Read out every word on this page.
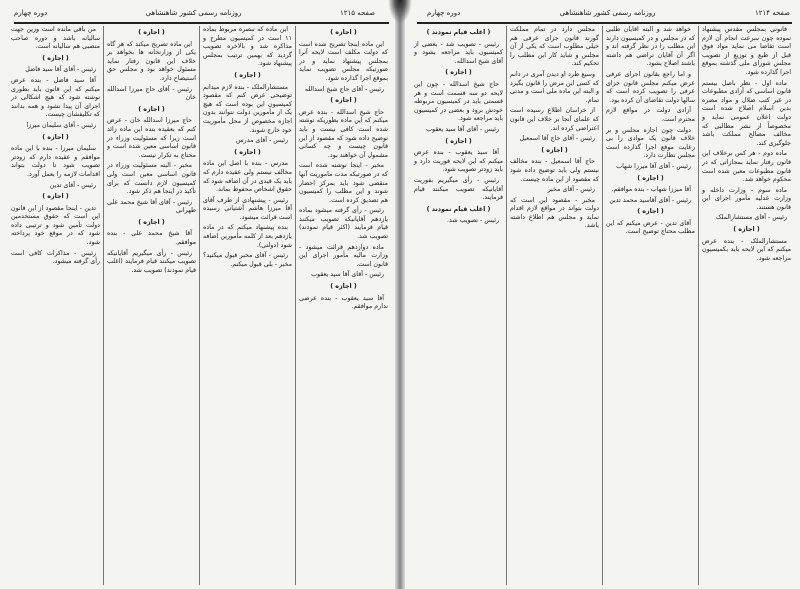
صفحه ۱۲۱۵
روزنامه رسمی کشور شاهنشاهی
دوره چهارم

( اجازه )

این ماده اینجا تصریح شده است که دولت مکلف است لایحه آنرا بمجلس پیشنهاد نماید و در صورتیکه مجلس تصویب نماید بموقع اجرا گذارده شود.

رئیس - آقای حاج شیخ اسدالله

( اجازه )

حاج شیخ اسدالله - بنده عرض میکنم که این ماده بطوریکه نوشته شده است کافی نیست و باید توضیح داده شود که مقصود از این قانون چیست و چه کسانی مشمول آن خواهند بود.

مخبر - اینجا نوشته شده است که در صورتیکه مدت ماموریت آنها منقضی شود باید بمرکز احضار شوند و این مطلب را کمیسیون هم تصدیق کرده است.

رئیس - رأی گرفته میشود بماده یازدهم آقایانیکه تصویب میکنند قیام فرمایند (اکثر قیام نمودند) تصویب شد.

ماده دوازدهم قرائت میشود - وزارت مالیه مأمور اجرای این قانون است.

رئیس - آقای آقا سید یعقوب

( اجازه )

آقا سید یعقوب - بنده عرضی ندارم موافقم.

این ماده که تبصره مربوط بماده ۱۱ است در کمیسیون مطرح و مذاکره شد و بالاخره تصویب گردید که بهمین ترتیب بمجلس پیشنهاد شود.

( اجازه )

مستشارالملک - بنده لازم میدانم توضیحی عرض کنم که مقصود کمیسیون این بوده است که هیچ یک از مأمورین دولت نتوانند بدون اجازه مخصوص از محل مأموریت خود خارج شوند.

رئیس - آقای مدرس

( اجازه )

مدرس - بنده با اصل این ماده مخالف نیستم ولی عقیده دارم که باید یک قیدی در آن اضافه شود که حقوق اشخاص محفوظ بماند.

رئیس - پیشنهادی از طرف آقای آقا میرزا هاشم آشتیانی رسیده است قرائت میشود.

بنده پیشنهاد میکنم که در ماده یازدهم بعد از کلمه مأمورین اضافه شود (دولتی).

رئیس - آقای مخبر قبول میکنید؟ مخبر - بلی قبول میکنم.

( اجازه )

این ماده تصریح میکند که هر گاه یکی از وزارتخانه ها بخواهد بر خلاف این قانون رفتار نماید مسئول خواهد بود و مجلس حق استیضاح دارد.

رئیس - آقای حاج میرزا اسدالله خان

( اجازه )

حاج میرزا اسدالله خان - عرض کنم که بعقیده بنده این ماده زائد است زیرا که مسئولیت وزراء در قانون اساسی معین شده است و محتاج به تکرار نیست.

مخبر - البته مسئولیت وزراء در قانون اساسی معین است ولی کمیسیون لازم دانست که برای تأکید در اینجا هم ذکر شود.

رئیس - آقای آقا شیخ محمد علی طهرانی

( اجازه )

آقا شیخ محمد علی - بنده موافقم.

رئیس - رأی میگیریم آقایانیکه تصویب میکنند قیام فرمایند (اغلب قیام نمودند) تصویب شد.

من باقی مانده است وزین جهت سالیانه باشد و دوره صاحب منصبی هم سالیانه است.

( اجازه )

رئیس - آقای آقا سید فاضل

آقا سید فاضل - بنده عرض میکنم که این قانون باید بطوری نوشته شود که هیچ اشکالی در اجرای آن پیدا نشود و همه بدانند که تکلیفشان چیست.

رئیس - آقای سلیمان میرزا

( اجازه )

سلیمان میرزا - بنده با این ماده موافقم و عقیده دارم که زودتر تصویب شود تا دولت بتواند اقدامات لازمه را بعمل آورد.

رئیس - آقای تدین

( اجازه )

تدین - اینجا مقصود از این قانون این است که حقوق مستخدمین دولت تأمین شود و ترتیبی داده شود که در موقع خود پرداخته شود.

رئیس - مذاکرات کافی است رأی گرفته میشود.

صفحه ۱۲۱۴
روزنامه رسمی کشور شاهنشاهی
دوره چهارم

قانونی بمجلس مقدس پیشنهاد نموده چون سرعت انجام آن لازم است تقاضا می نماید مواد فوق قبل از طبع و توزیع از تصویب مجلس شورای ملی گذشته بموقع اجرا گذارده شود.

ماده اول - نظر باصل بیستم قانون اساسی که آزادی مطبوعات در غیر کتب ضلال و مواد مضره بدین اسلام اصلاح شده است دولت اعلان عمومی نماید و مخصوصاً از نشر مطالبی که مخالف مصالح مملکت باشد جلوگیری کند.

ماده دوم - هر کس برخلاف این قانون رفتار نماید بمجازاتی که در قانون مطبوعات معین شده است محکوم خواهد شد.

ماده سوم - وزارت داخله و وزارت عدلیه مأمور اجرای این قانون هستند.

رئیس - آقای مستشارالملک

( اجازه )

مستشارالملک - بنده عرض میکنم که این لایحه باید بکمیسیون مراجعه شود.

خواهد شد و البته آقایان طلبی که در مجلس و در کمیسیون دارند این مطلب را در نظر گرفته اند و اگر آن آقایان تراضی هم داشته باشند اصلاح بشود.

و اما راجع بقانون اجرای عرفی عرض میکنم مجلس قانون جزای عرفی را تصویب کرده است که سالها دولت تقاضای آن کرده بود.

آزادی دولت در مواقع لازم محترم است.

دولت چون اجازه مجلس و بر خلاف قانون یک موادی را بی رعایت موقع اجرا گذارده است مجلس نظارت دارد.

رئیس - آقای آقا میرزا شهاب

( اجازه )

آقا میرزا شهاب - بنده موافقم.

رئیس - آقای آقاسید محمد تدین

( اجازه )

آقای تدین - عرض میکنم که این مطلب محتاج توضیح است.

مجلس دارد در تمام مملکت گورند قانون جزای عرفی هم خیلی مطلوب است که یکی از آن مجلس و شاید کار این مطلب را تحکیم کند.

وسیع طرد او دیدن آمری در دانم که کسی این مرض را قانون بگیرد و البته این ماده ملی است و مدتی تمام.

از خراسان اطلاع رسیده است که علمای آنجا بر خلاف این قانون اعتراضی کرده اند.

رئیس - آقای حاج آقا اسمعیل

( اجازه )

حاج آقا اسمعیل - بنده مخالف نیستم ولی باید توضیح داده شود که مقصود از این ماده چیست.

رئیس - آقای مخبر

مخبر - مقصود این است که دولت بتواند در مواقع لازم اقدام نماید و مجلس هم اطلاع داشته باشد.

( اغلب قیام نمودند )

رئیس - تصویب شد - بعضی از کمیسیون باید مراجعه بشود و آقای شیخ اسدالله.

( اجازه )

حاج شیخ اسدالله - چون این لایحه دو سه قسمت است و هر قسمتی باید در کمیسیون مربوطه خودش برود و بعضی در کمیسیون باید مراجعه شود.

رئیس - آقای آقا سید یعقوب

( اجازه )

آقا سید یعقوب - بنده عرض میکنم که این لایحه فوریت دارد و باید زودتر تصویب شود.

رئیس - رأی میگیریم بفوریت آقایانیکه تصویب میکنند قیام فرمایند.

( اغلب قیام نمودند )

رئیس - تصویب شد.
